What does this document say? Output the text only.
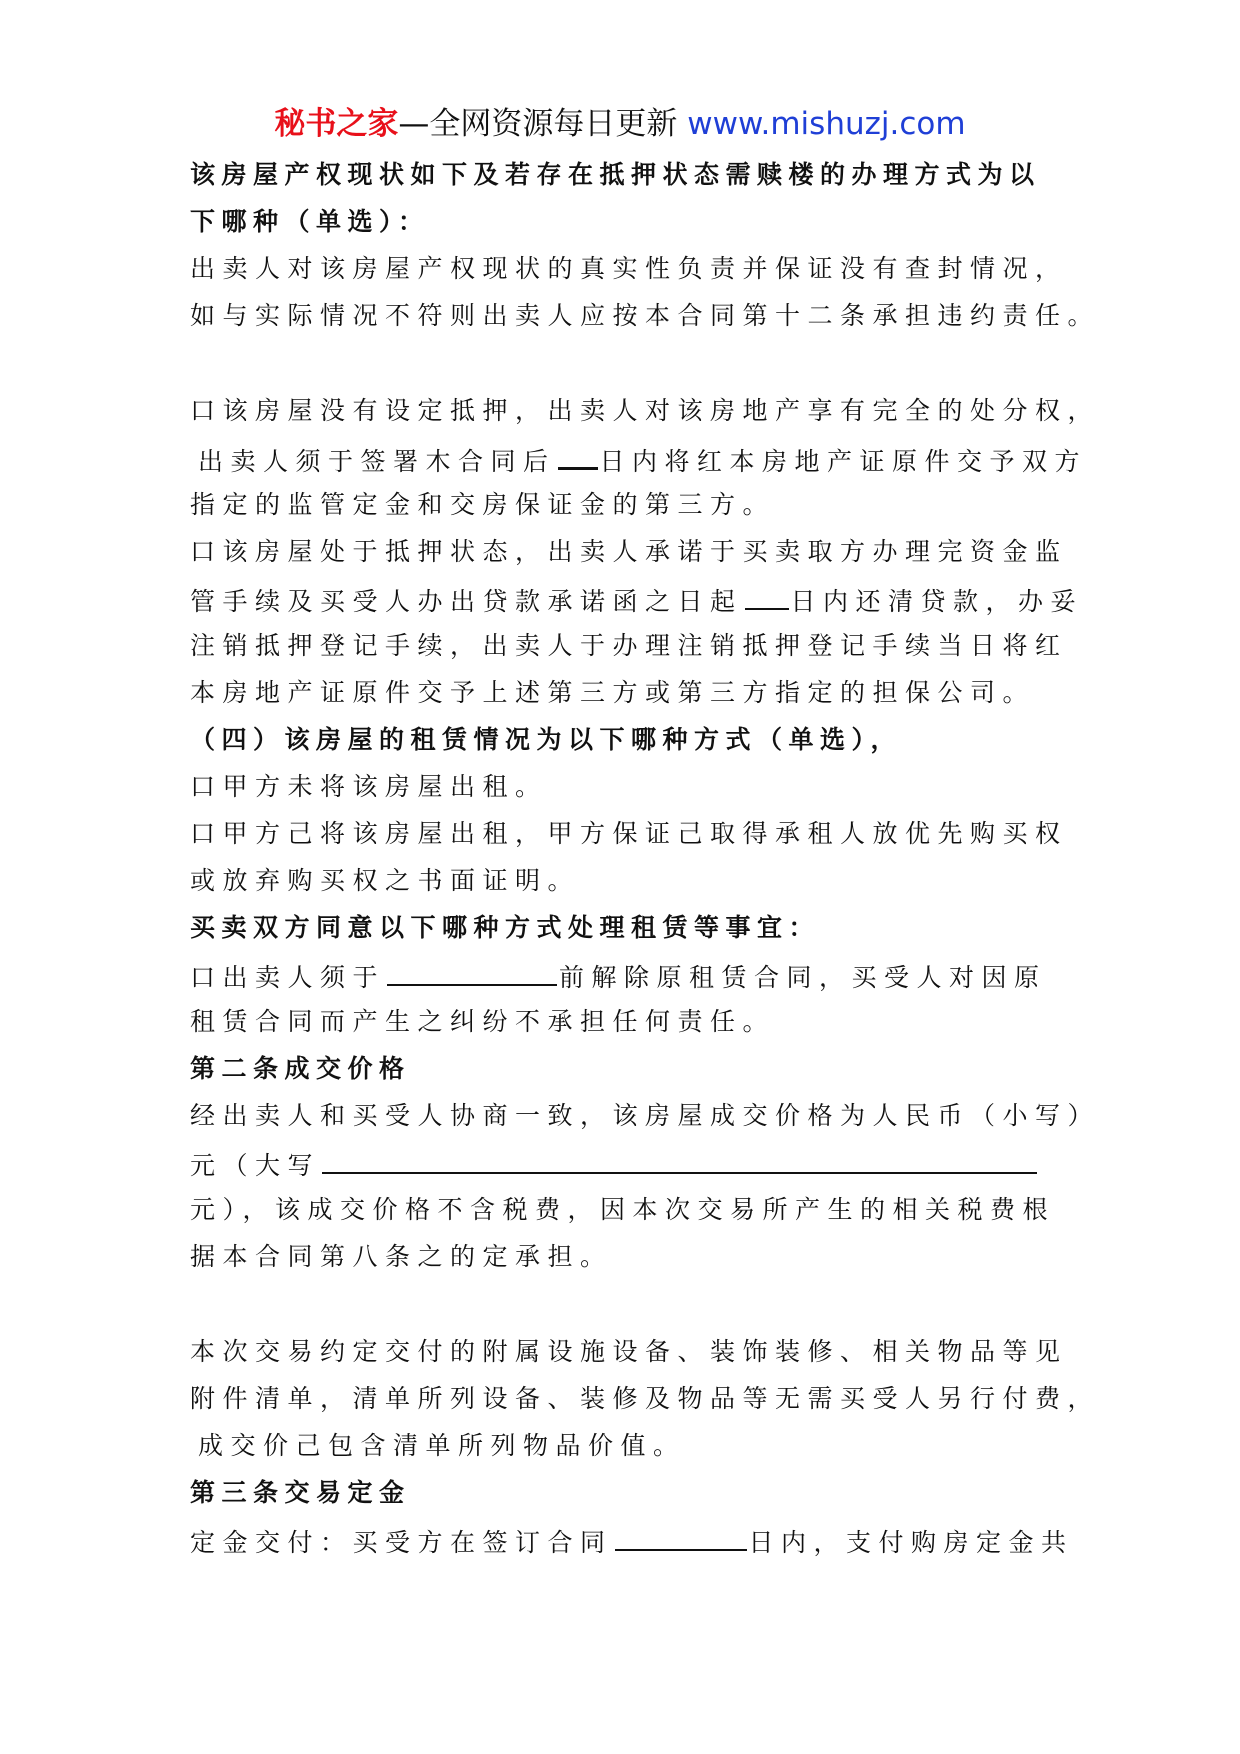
秘书之家—全网资源每日更新 www.mishuzj.com
该房屋产权现状如下及若存在抵押状态需赎楼的办理方式为以
下哪种（单选）：
出卖人对该房屋产权现状的真实性负责并保证没有查封情况，
如与实际情况不符则出卖人应按本合同第十二条承担违约责任。
口该房屋没有设定抵押，出卖人对该房地产享有完全的处分权，
出卖人须于签署木合同后 日内将红本房地产证原件交予双方
指定的监管定金和交房保证金的第三方。
口该房屋处于抵押状态，出卖人承诺于买卖取方办理完资金监
管手续及买受人办出贷款承诺函之日起 日内还清贷款，办妥
注销抵押登记手续，出卖人于办理注销抵押登记手续当日将红
本房地产证原件交予上述第三方或第三方指定的担保公司。
（四）该房屋的租赁情况为以下哪种方式（单选），
口甲方未将该房屋出租。
口甲方己将该房屋出租，甲方保证己取得承租人放优先购买权
或放弃购买权之书面证明。
买卖双方同意以下哪种方式处理租赁等事宜：
口出卖人须于	前解除原租赁合同，买受人对因原
租赁合同而产生之纠纷不承担任何责任。
第二条成交价格
经出卖人和买受人协商一致，该房屋成交价格为人民币（小写）
元（大写
元），该成交价格不含税费，因本次交易所产生的相关税费根
据本合同第八条之的定承担。
本次交易约定交付的附属设施设备、装饰装修、相关物品等见
附件清单，清单所列设备、装修及物品等无需买受人另行付费，
成交价己包含清单所列物品价值。
第三条交易定金
定金交付：买受方在签订合同	日内，支付购房定金共
